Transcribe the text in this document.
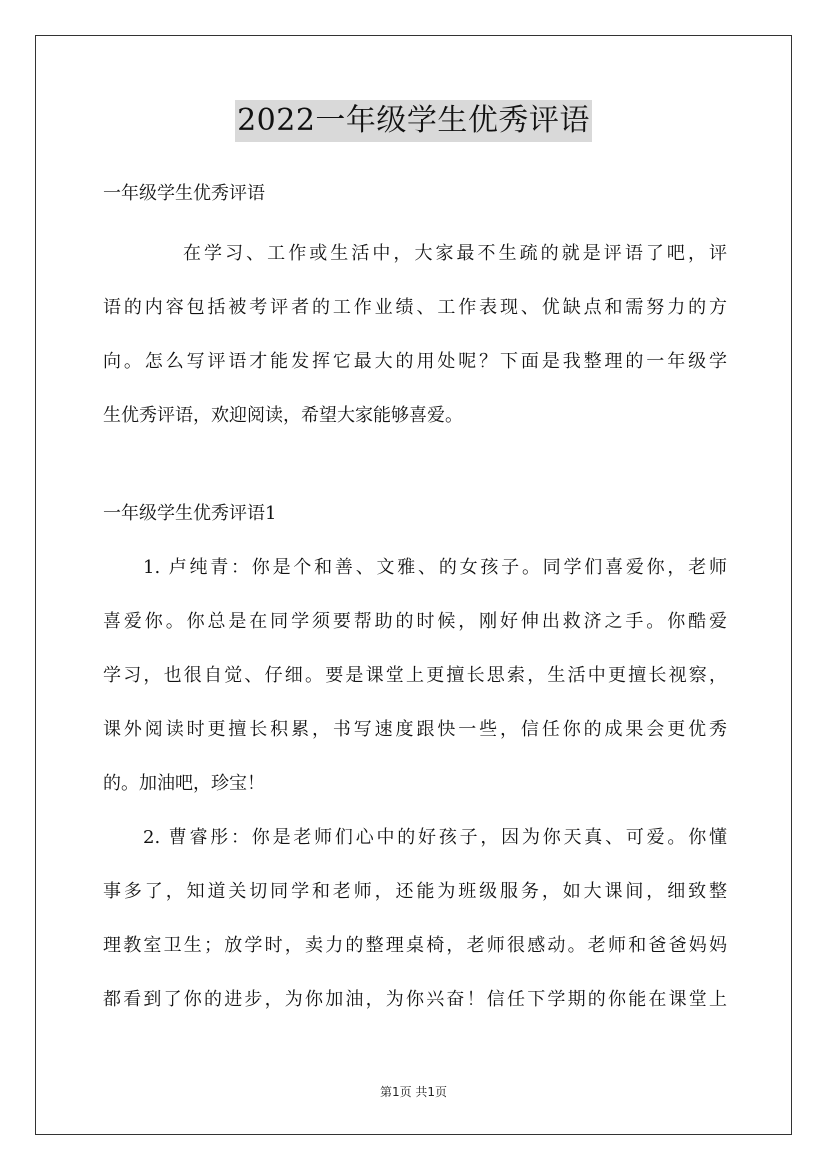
2022一年级学生优秀评语

一年级学生优秀评语

在学习、工作或生活中，大家最不生疏的就是评语了吧，评
语的内容包括被考评者的工作业绩、工作表现、优缺点和需努力的方
向。怎么写评语才能发挥它最大的用处呢？下面是我整理的一年级学
生优秀评语，欢迎阅读，希望大家能够喜爱。

一年级学生优秀评语1

1. 卢纯青：你是个和善、文雅、的女孩子。同学们喜爱你，老师
喜爱你。你总是在同学须要帮助的时候，刚好伸出救济之手。你酷爱
学习，也很自觉、仔细。要是课堂上更擅长思索，生活中更擅长视察，
课外阅读时更擅长积累，书写速度跟快一些，信任你的成果会更优秀
的。加油吧，珍宝！
2. 曹睿彤：你是老师们心中的好孩子，因为你天真、可爱。你懂
事多了，知道关切同学和老师，还能为班级服务，如大课间，细致整
理教室卫生；放学时，卖力的整理桌椅，老师很感动。老师和爸爸妈妈
都看到了你的进步，为你加油，为你兴奋！信任下学期的你能在课堂上
第1页 共1页
